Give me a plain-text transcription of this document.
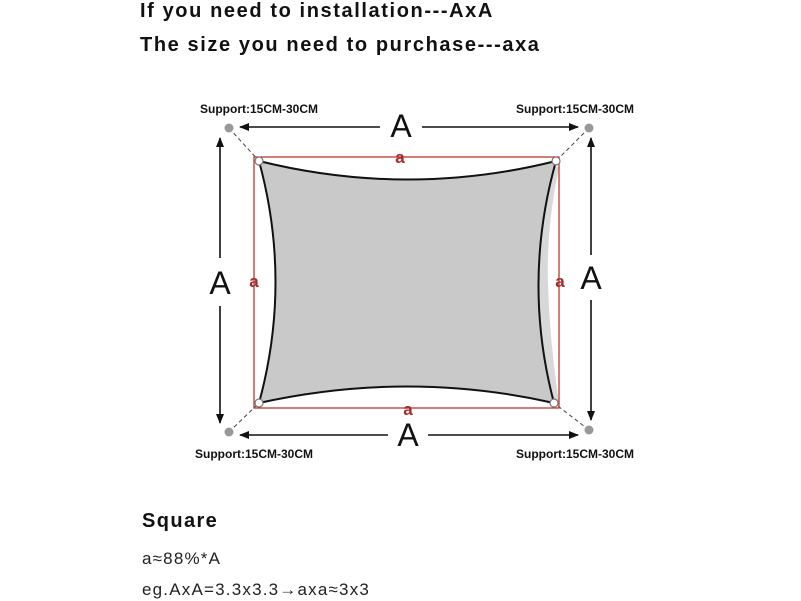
If you need to installation---AxA
The size you need to purchase---axa
A
A
A	A
a
a
a	a
Support:15CM-30CM	Support:15CM-30CM
Support:15CM-30CM	Support:15CM-30CM
Square
a≈88%*A
eg.AxA=3.3x3.3→axa≈3x3
